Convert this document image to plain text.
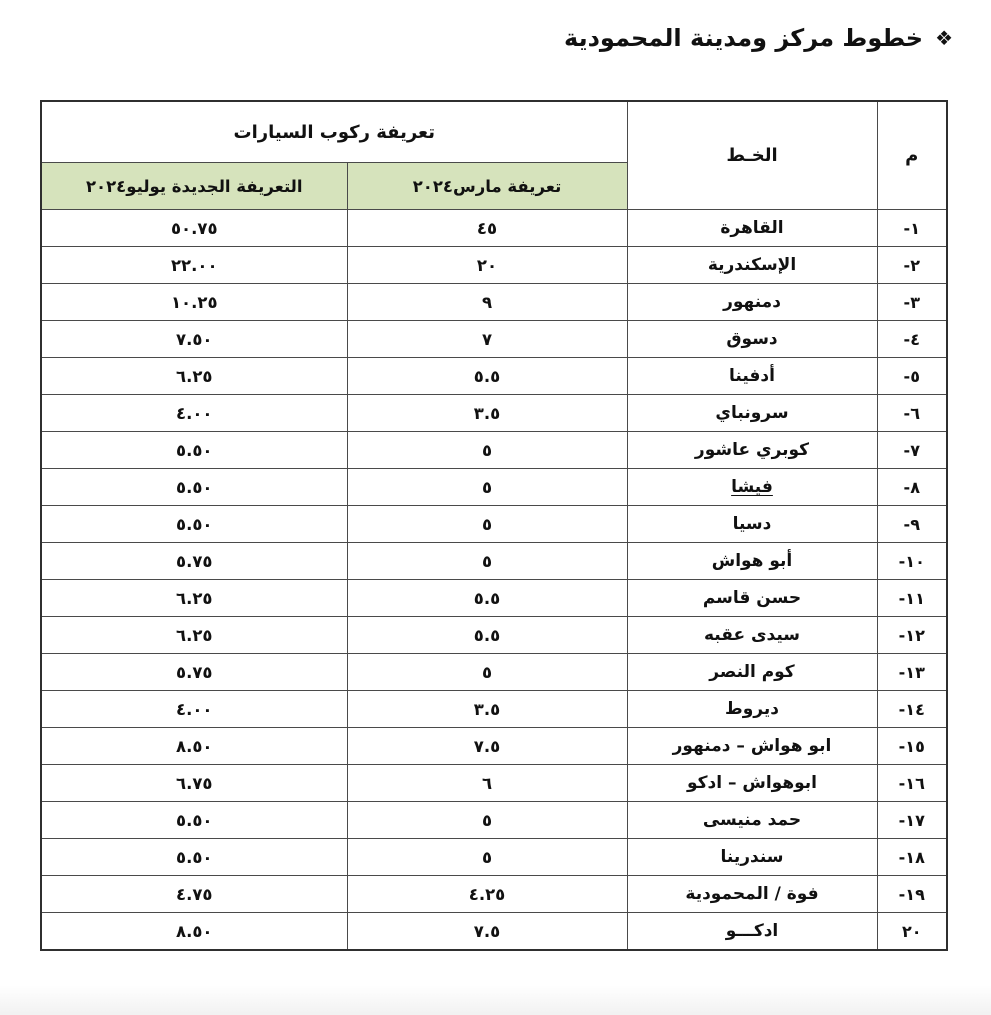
❖
خطوط مركز ومدينة المحمودية
م	الخـط	تعريفة ركوب السيارات	
		تعريفة مارس٢٠٢٤	التعريفة الجديدة يوليو٢٠٢٤
١-	القاهرة	٤٥	٥٠.٧٥
٢-	الإسكندرية	٢٠	٢٢.٠٠
٣-	دمنهور	٩	١٠.٢٥
٤-	دسوق	٧	٧.٥٠
٥-	أدفينا	٥.٥	٦.٢٥
٦-	سرونباي	٣.٥	٤.٠٠
٧-	كوبري عاشور	٥	٥.٥٠
٨-	فيشا	٥	٥.٥٠
٩-	دسيا	٥	٥.٥٠
١٠-	أبو هواش	٥	٥.٧٥
١١-	حسن قاسم	٥.٥	٦.٢٥
١٢-	سيدى عقبه	٥.٥	٦.٢٥
١٣-	كوم النصر	٥	٥.٧٥
١٤-	ديروط	٣.٥	٤.٠٠
١٥-	ابو هواش – دمنهور	٧.٥	٨.٥٠
١٦-	ابوهواش – ادكو	٦	٦.٧٥
١٧-	حمد منيسى	٥	٥.٥٠
١٨-	سندرينا	٥	٥.٥٠
١٩-	فوة / المحمودية	٤.٢٥	٤.٧٥
٢٠	ادكـــو	٧.٥	٨.٥٠
